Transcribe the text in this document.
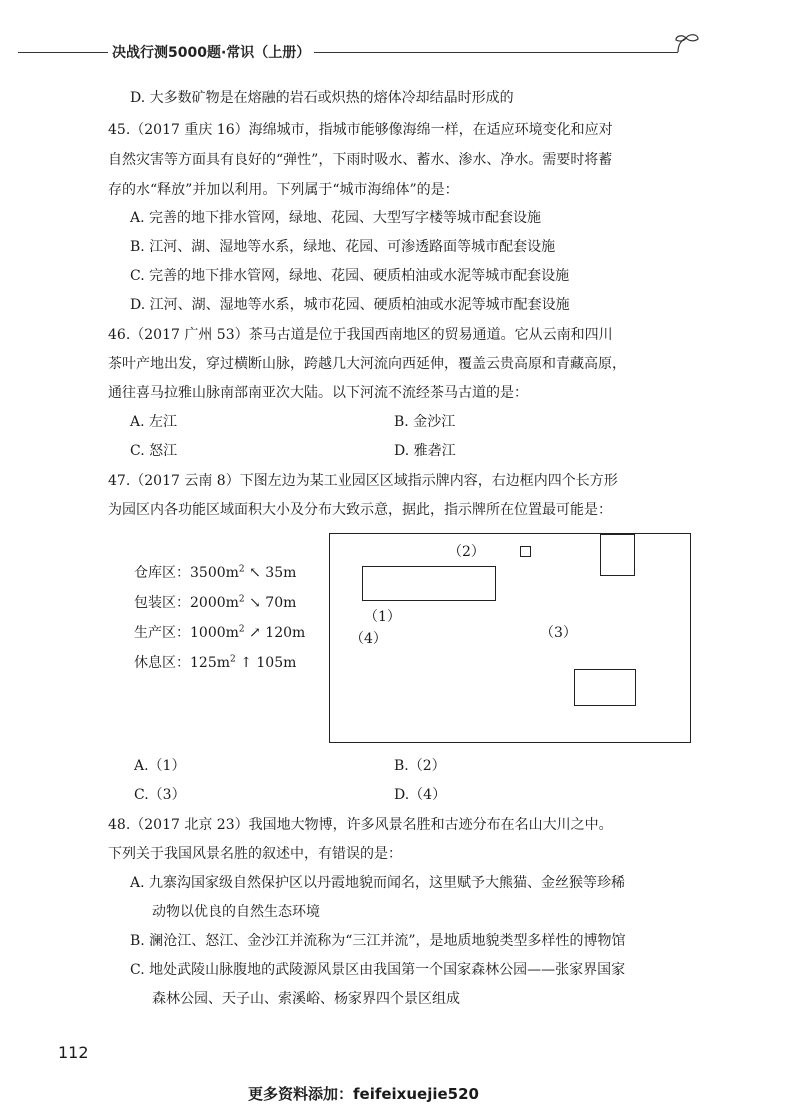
决战行测5000题·常识（上册）
D. 大多数矿物是在熔融的岩石或炽热的熔体冷却结晶时形成的
45.（2017 重庆 16）海绵城市，指城市能够像海绵一样，在适应环境变化和应对
自然灾害等方面具有良好的“弹性”，下雨时吸水、蓄水、渗水、净水。需要时将蓄
存的水“释放”并加以利用。下列属于“城市海绵体”的是：
A. 完善的地下排水管网，绿地、花园、大型写字楼等城市配套设施
B. 江河、湖、湿地等水系，绿地、花园、可渗透路面等城市配套设施
C. 完善的地下排水管网，绿地、花园、硬质柏油或水泥等城市配套设施
D. 江河、湖、湿地等水系，城市花园、硬质柏油或水泥等城市配套设施
46.（2017 广州 53）茶马古道是位于我国西南地区的贸易通道。它从云南和四川
茶叶产地出发，穿过横断山脉，跨越几大河流向西延伸，覆盖云贵高原和青藏高原，
通往喜马拉雅山脉南部南亚次大陆。以下河流不流经茶马古道的是：
A. 左江	B. 金沙江
C. 怒江	D. 雅砻江
47.（2017 云南 8）下图左边为某工业园区区域指示牌内容，右边框内四个长方形
为园区内各功能区域面积大小及分布大致示意，据此，指示牌所在位置最可能是：
仓库区：$3500m^2$ ↖ 35m
包装区：$2000m^2$ ↘ 70m
生产区：$1000m^2$ ↗ 120m
休息区：$125m^2$ ↑ 105m
（2）
（1）
（4）	（3）
A.（1）	B.（2）
C.（3）	D.（4）
48.（2017 北京 23）我国地大物博，许多风景名胜和古迹分布在名山大川之中。
下列关于我国风景名胜的叙述中，有错误的是：
A. 九寨沟国家级自然保护区以丹霞地貌而闻名，这里赋予大熊猫、金丝猴等珍稀
动物以优良的自然生态环境
B. 澜沧江、怒江、金沙江并流称为“三江并流”，是地质地貌类型多样性的博物馆
C. 地处武陵山脉腹地的武陵源风景区由我国第一个国家森林公园——张家界国家
森林公园、天子山、索溪峪、杨家界四个景区组成
112
更多资料添加：feifeixuejie520
